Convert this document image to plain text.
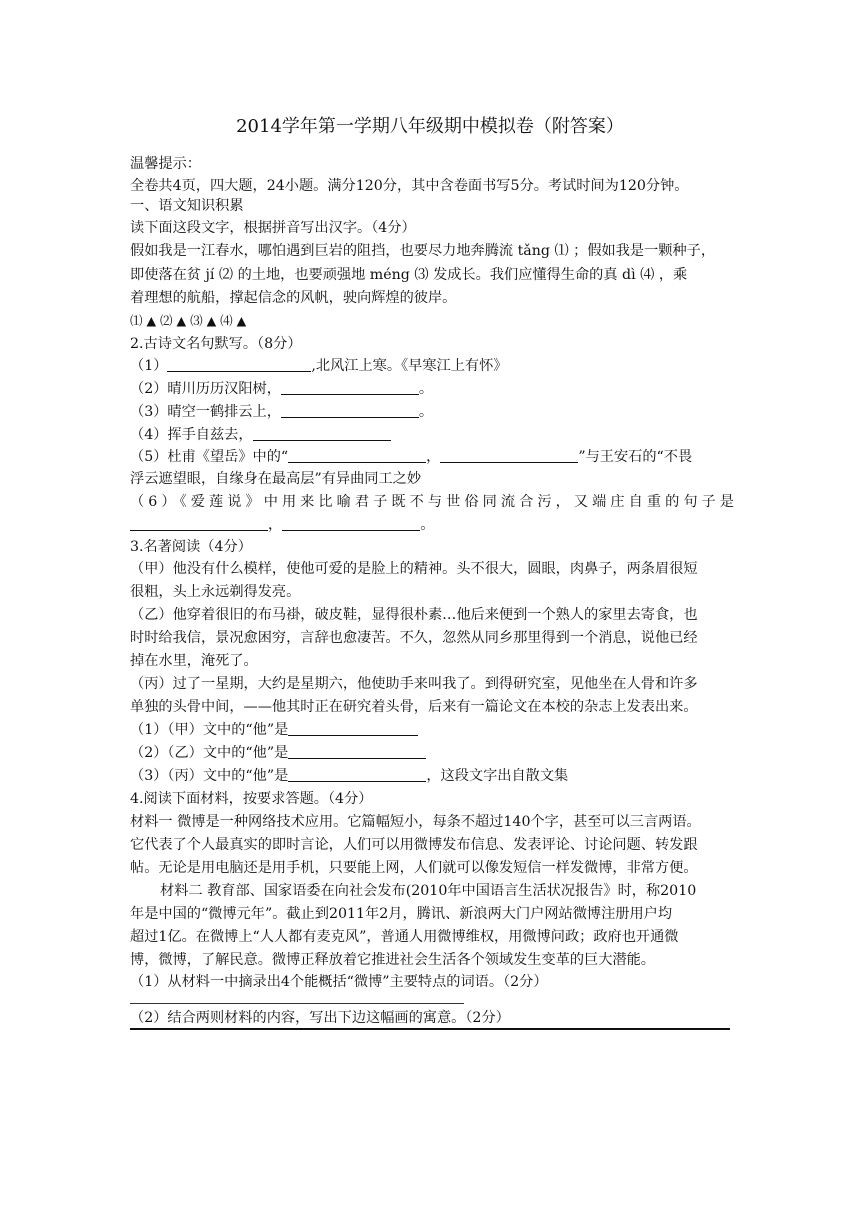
2014学年第一学期八年级期中模拟卷（附答案）
温馨提示：
全卷共4页，四大题，24小题。满分120分，其中含卷面书写5分。考试时间为120分钟。
一、语文知识积累
读下面这段文字，根据拼音写出汉字。（4分）
假如我是一江春水，哪怕遇到巨岩的阻挡，也要尽力地奔腾流 tǎng ⑴ ；假如我是一颗种子，
即使落在贫 jí ⑵ 的土地，也要顽强地 méng ⑶ 发成长。我们应懂得生命的真 dì ⑷ ，乘
着理想的航船，撑起信念的风帆，驶向辉煌的彼岸。
⑴ ▲ ⑵ ▲ ⑶ ▲ ⑷ ▲
2.古诗文名句默写。（8分）
（1）	,北风江上寒。《早寒江上有怀》
（2）晴川历历汉阳树，	。
（3）晴空一鹤排云上，	。
（4）挥手自兹去，
（5）杜甫《望岳》中的“	，	”与王安石的“不畏
浮云遮望眼，自缘身在最高层”有异曲同工之妙
（6）《爱莲说》中用来比喻君子既不与世俗同流合污，又端庄自重的句子是
，	。
3.名著阅读（4分）
（甲）他没有什么模样，使他可爱的是脸上的精神。头不很大，圆眼，肉鼻子，两条眉很短
很粗，头上永远剃得发亮。
（乙）他穿着很旧的布马褂，破皮鞋，显得很朴素…他后来便到一个熟人的家里去寄食，也
时时给我信，景况愈困穷，言辞也愈凄苦。不久，忽然从同乡那里得到一个消息，说他已经
掉在水里，淹死了。
（丙）过了一星期，大约是星期六，他使助手来叫我了。到得研究室，见他坐在人骨和许多
单独的头骨中间，——他其时正在研究着头骨，后来有一篇论文在本校的杂志上发表出来。
（1）（甲）文中的“他”是
（2）（乙）文中的“他”是
（3）（丙）文中的“他”是	，这段文字出自散文集
4.阅读下面材料，按要求答题。（4分）
材料一 微博是一种网络技术应用。它篇幅短小，每条不超过140个字，甚至可以三言两语。
它代表了个人最真实的即时言论，人们可以用微博发布信息、发表评论、讨论问题、转发跟
帖。无论是用电脑还是用手机，只要能上网，人们就可以像发短信一样发微博，非常方便。
材料二 教育部、国家语委在向社会发布(2010年中国语言生活状况报告》时，称2010
年是中国的“微博元年”。截止到2011年2月，腾讯、新浪两大门户网站微博注册用户均
超过1亿。在微博上“人人都有麦克风”，普通人用微博维权，用微博问政；政府也开通微
博，微博，了解民意。微博正释放着它推进社会生活各个领域发生变革的巨大潜能。
（1）从材料一中摘录出4个能概括“微博”主要特点的词语。（2分）
（2）结合两则材料的内容，写出下边这幅画的寓意。（2分）
